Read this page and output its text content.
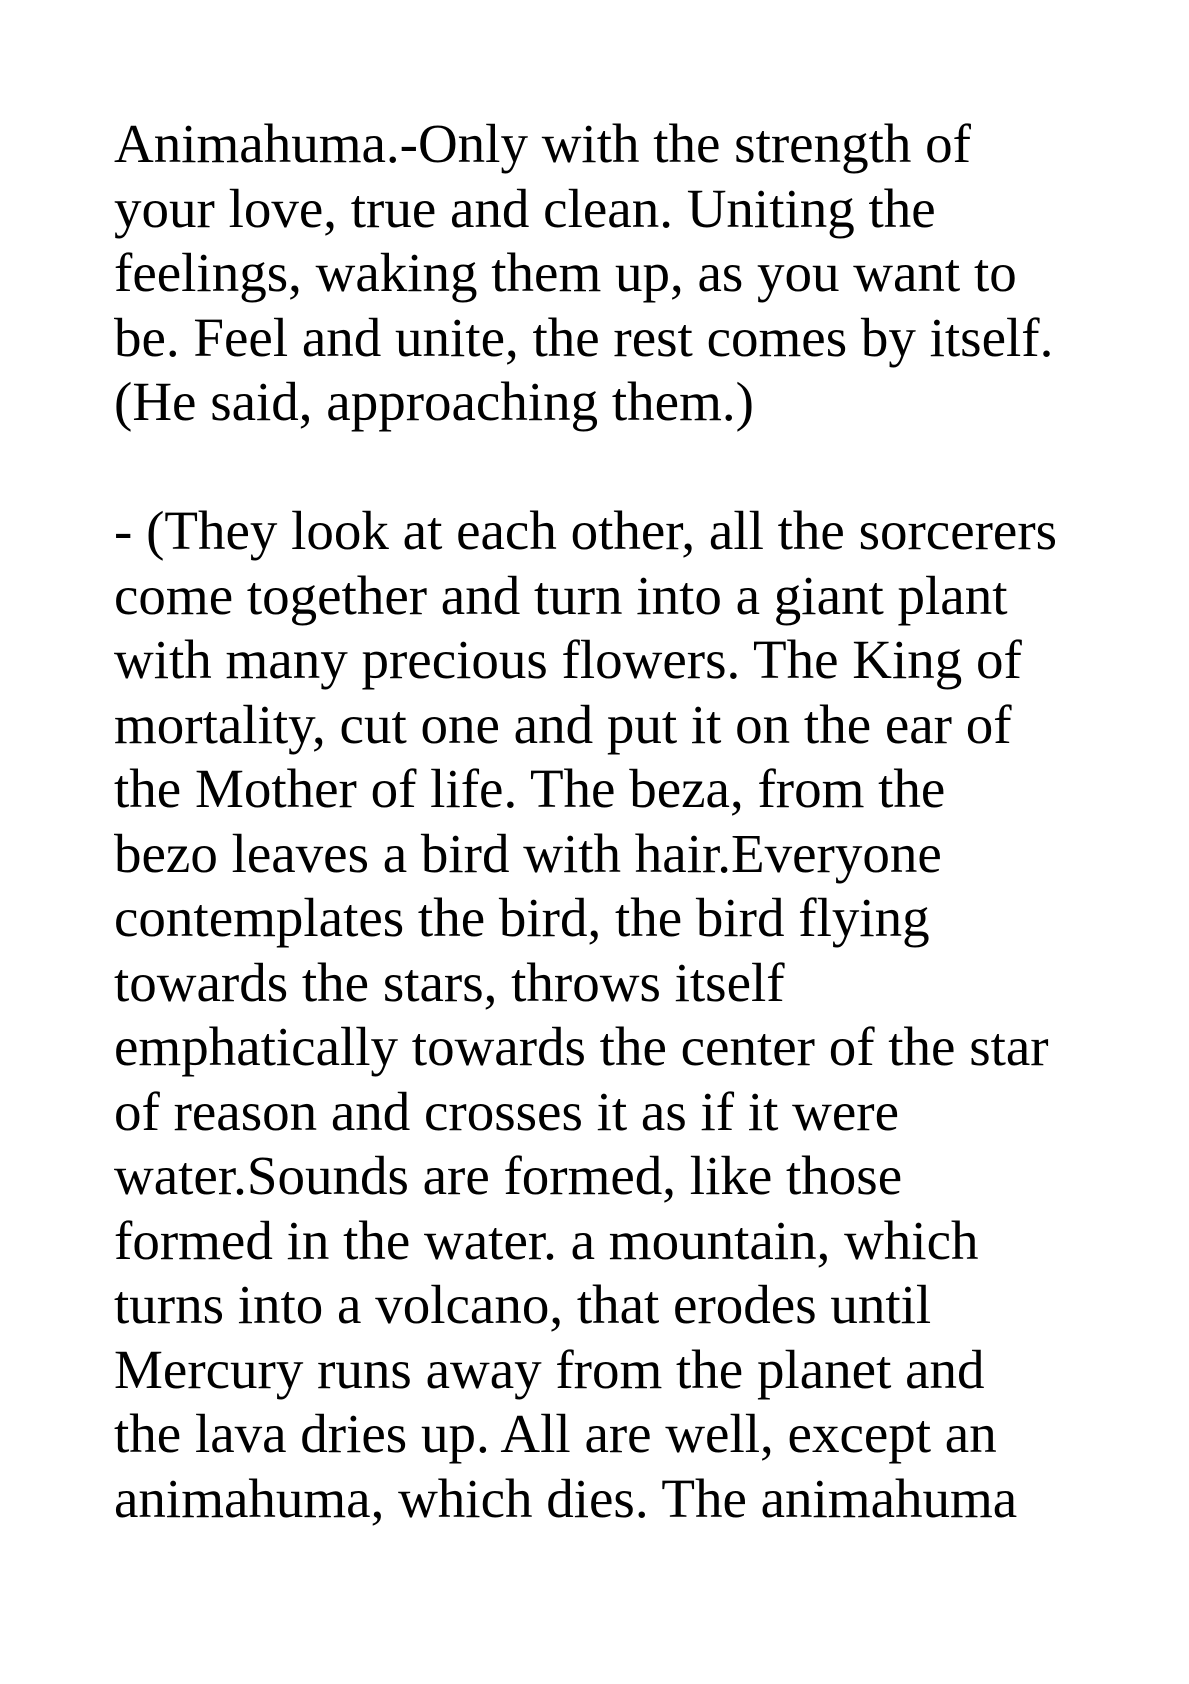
Animahuma.-Only with the strength of
your love, true and clean. Uniting the
feelings, waking them up, as you want to
be. Feel and unite, the rest comes by itself.
(He said, approaching them.)
- (They look at each other, all the sorcerers
come together and turn into a giant plant
with many precious flowers. The King of
mortality, cut one and put it on the ear of
the Mother of life. The beza, from the
bezo leaves a bird with hair.Everyone
contemplates the bird, the bird flying
towards the stars, throws itself
emphatically towards the center of the star
of reason and crosses it as if it were
water.Sounds are formed, like those
formed in the water. a mountain, which
turns into a volcano, that erodes until
Mercury runs away from the planet and
the lava dries up. All are well, except an
animahuma, which dies. The animahuma
